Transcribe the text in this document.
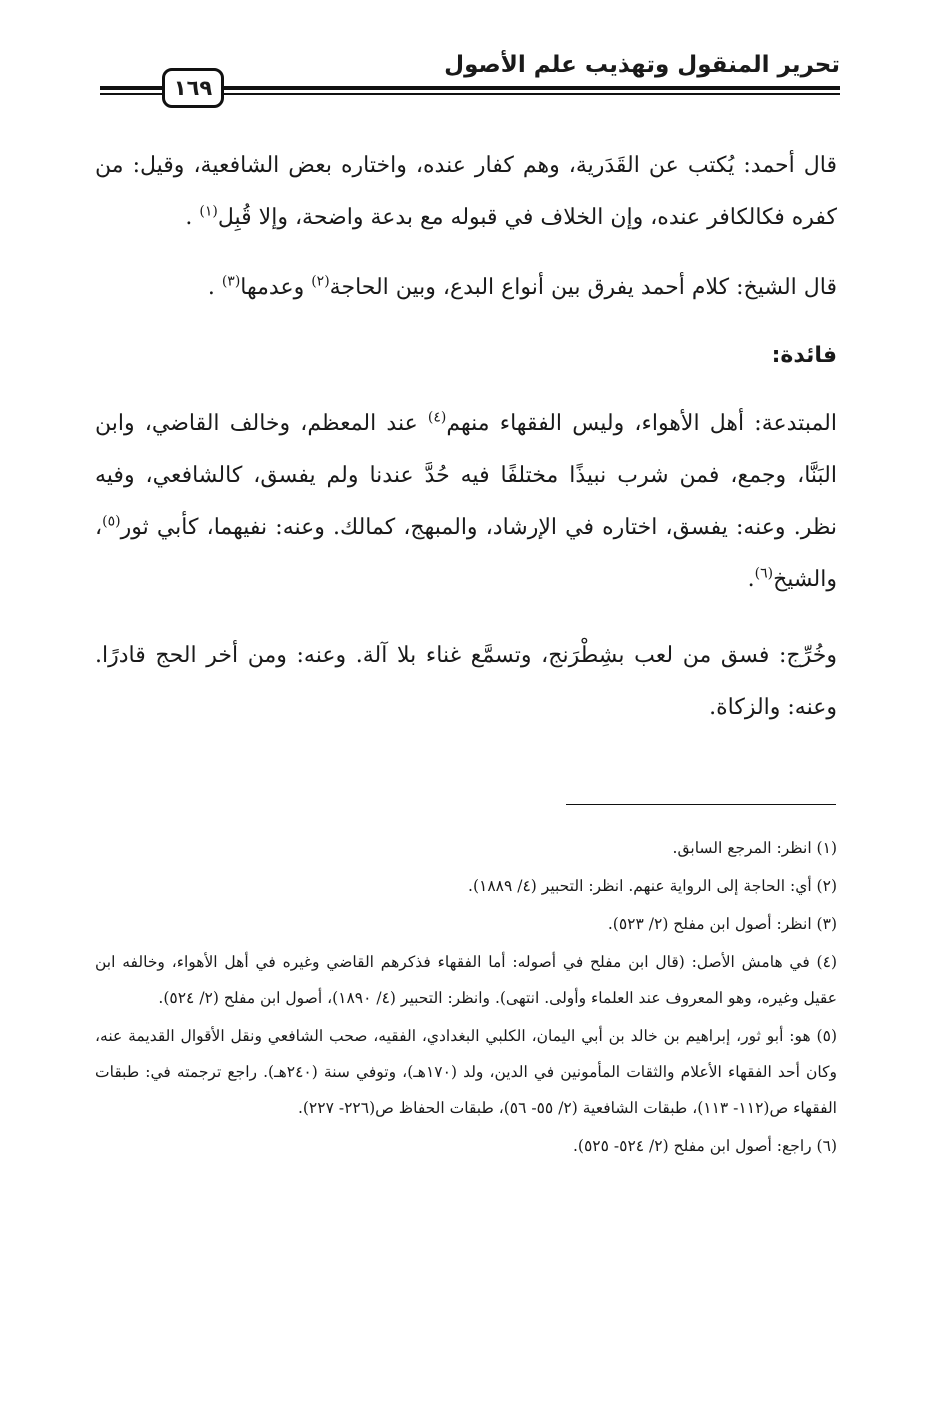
تحرير المنقول وتهذيب علم الأصول
١٦٩

قال أحمد: يُكتب عن القَدَرية، وهم كفار عنده، واختاره بعض الشافعية، وقيل: من كفره فكالكافر عنده، وإن الخلاف في قبوله مع بدعة واضحة، وإلا قُبِل$^{(١)}$ .

قال الشيخ: كلام أحمد يفرق بين أنواع البدع، وبين الحاجة$^{(٢)}$ وعدمها$^{(٣)}$ .

فائدة:

المبتدعة: أهل الأهواء، وليس الفقهاء منهم$^{(٤)}$ عند المعظم، وخالف القاضي، وابن البَنَّا، وجمع، فمن شرب نبيذًا مختلفًا فيه حُدَّ عندنا ولم يفسق، كالشافعي، وفيه نظر. وعنه: يفسق، اختاره في الإرشاد، والمبهج، كمالك. وعنه: نفيهما، كأبي ثور$^{(٥)}$، والشيخ$^{(٦)}$.

وخُرِّج: فسق من لعب بشِطْرَنج، وتسمَّع غناء بلا آلة. وعنه: ومن أخر الحج قادرًا. وعنه: والزكاة.

(١) انظر: المرجع السابق.

(٢) أي: الحاجة إلى الرواية عنهم. انظر: التحبير (٤/ ١٨٨٩).

(٣) انظر: أصول ابن مفلح (٢/ ٥٢٣).

(٤) في هامش الأصل: (قال ابن مفلح في أصوله: أما الفقهاء فذكرهم القاضي وغيره في أهل الأهواء، وخالفه ابن عقيل وغيره، وهو المعروف عند العلماء وأولى. انتهى). وانظر: التحبير (٤/ ١٨٩٠)، أصول ابن مفلح (٢/ ٥٢٤).

(٥) هو: أبو ثور، إبراهيم بن خالد بن أبي اليمان، الكلبي البغدادي، الفقيه، صحب الشافعي ونقل الأقوال القديمة عنه، وكان أحد الفقهاء الأعلام والثقات المأمونين في الدين، ولد (١٧٠هـ)، وتوفي سنة (٢٤٠هـ). راجع ترجمته في: طبقات الفقهاء ص(١١٢- ١١٣)، طبقات الشافعية (٢/ ٥٥- ٥٦)، طبقات الحفاظ ص(٢٢٦- ٢٢٧).

(٦) راجع: أصول ابن مفلح (٢/ ٥٢٤- ٥٢٥).
